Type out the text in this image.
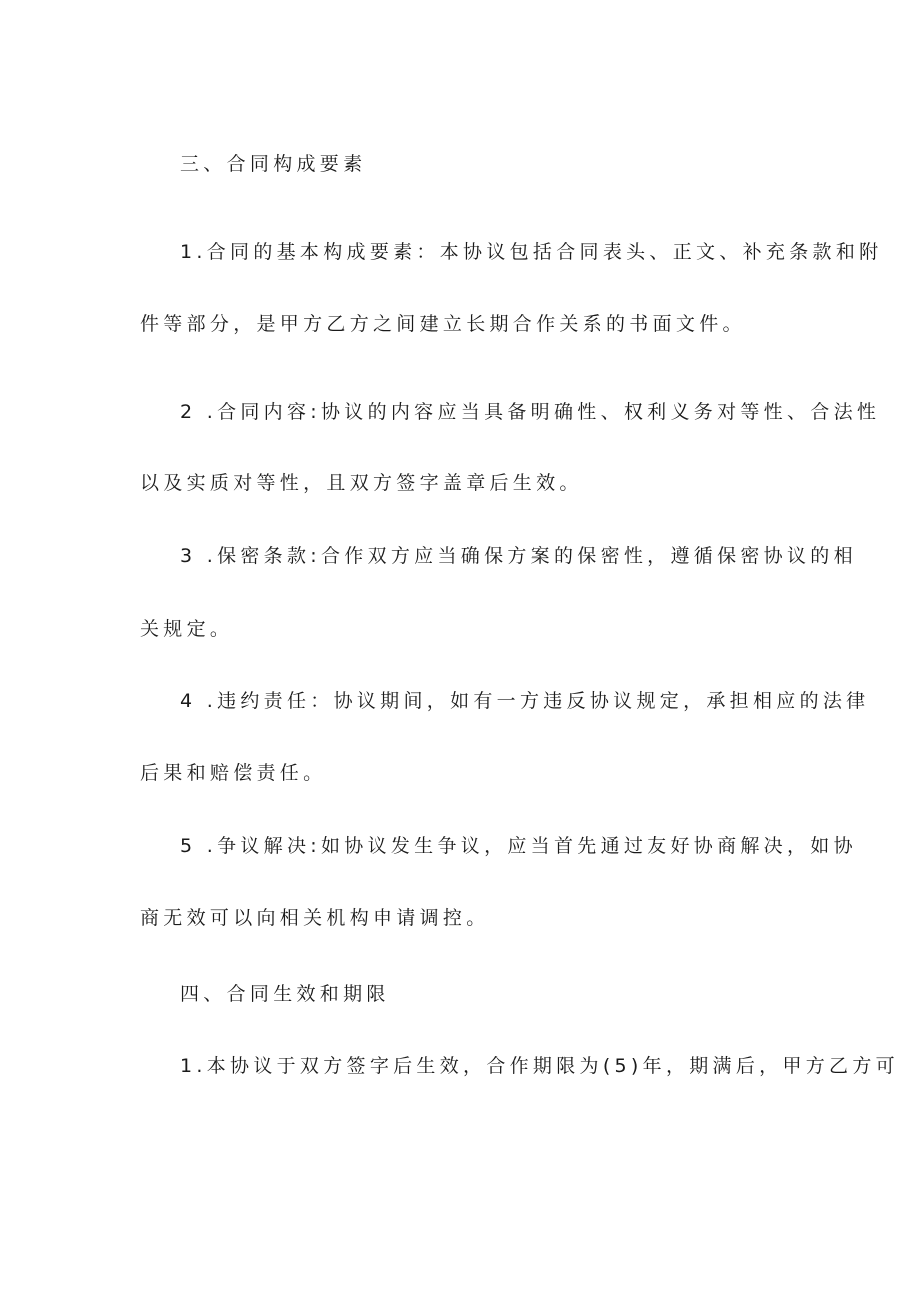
三、合同构成要素
1.合同的基本构成要素：本协议包括合同表头、正文、补充条款和附
件等部分，是甲方乙方之间建立长期合作关系的书面文件。
2 .合同内容:协议的内容应当具备明确性、权利义务对等性、合法性
以及实质对等性，且双方签字盖章后生效。
3 .保密条款:合作双方应当确保方案的保密性，遵循保密协议的相
关规定。
4 .违约责任：协议期间，如有一方违反协议规定，承担相应的法律
后果和赔偿责任。
5 .争议解决:如协议发生争议，应当首先通过友好协商解决，如协
商无效可以向相关机构申请调控。
四、合同生效和期限
1.本协议于双方签字后生效，合作期限为(5)年，期满后，甲方乙方可
